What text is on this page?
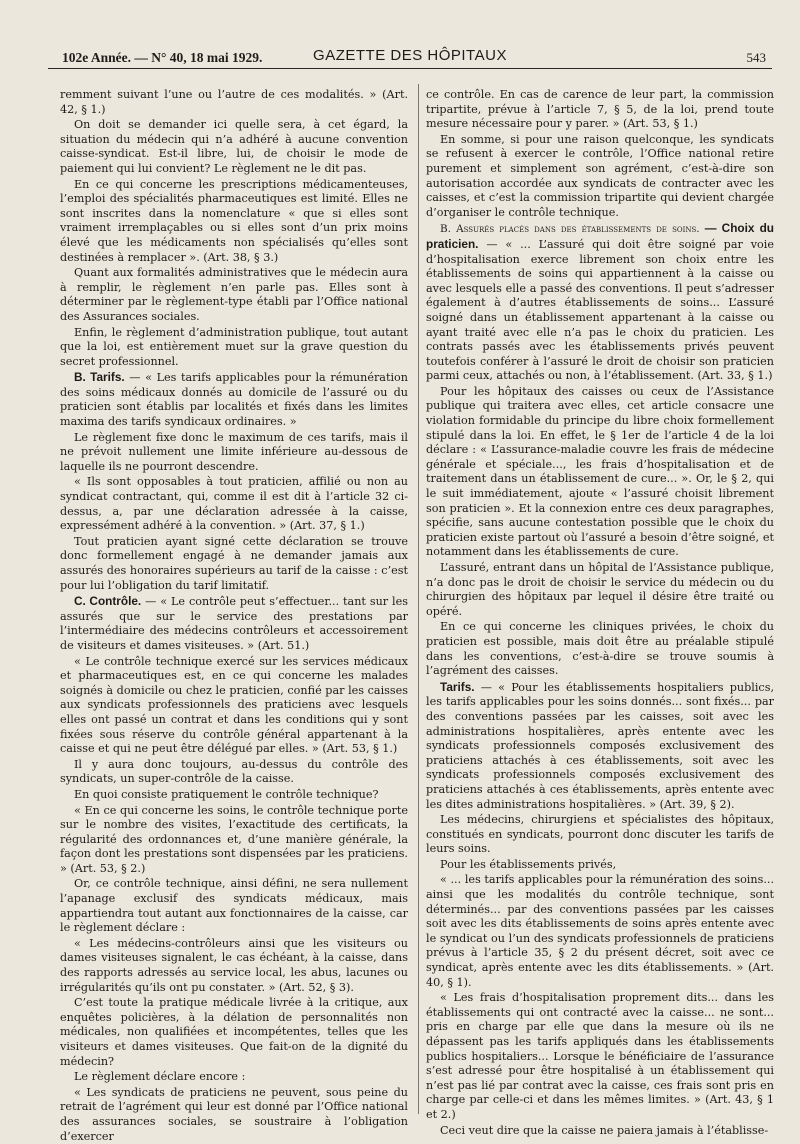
102e Année. — N° 40, 18 mai 1929.	GAZETTE DES HÔPITAUX	543

remment suivant l’une ou l’autre de ces modalités. » (Art. 42, § 1.)

On doit se demander ici quelle sera, à cet égard, la situation du médecin qui n’a adhéré à aucune convention caisse-syndicat. Est-il libre, lui, de choisir le mode de paiement qui lui convient? Le règlement ne le dit pas.

En ce qui concerne les prescriptions médicamenteuses, l’emploi des spécialités pharmaceutiques est limité. Elles ne sont inscrites dans la nomenclature « que si elles sont vraiment irremplaçables ou si elles sont d’un prix moins élevé que les médicaments non spécialisés qu’elles sont destinées à remplacer ». (Art. 38, § 3.)

Quant aux formalités administratives que le médecin aura à remplir, le règlement n’en parle pas. Elles sont à déterminer par le règlement-type établi par l’Office national des Assurances sociales.

Enfin, le règlement d’administration publique, tout autant que la loi, est entièrement muet sur la grave question du secret professionnel.

B. Tarifs. — « Les tarifs applicables pour la rémunération des soins médicaux donnés au domicile de l’assuré ou du praticien sont établis par localités et fixés dans les limites maxima des tarifs syndicaux ordinaires. »

Le règlement fixe donc le maximum de ces tarifs, mais il ne prévoit nullement une limite inférieure au-dessous de laquelle ils ne pourront descendre.

« Ils sont opposables à tout praticien, affilié ou non au syndicat contractant, qui, comme il est dit à l’article 32 ci-dessus, a, par une déclaration adressée à la caisse, expressément adhéré à la convention. » (Art. 37, § 1.)

Tout praticien ayant signé cette déclaration se trouve donc formellement engagé à ne demander jamais aux assurés des honoraires supérieurs au tarif de la caisse : c’est pour lui l’obligation du tarif limitatif.

C. Contrôle. — « Le contrôle peut s’effectuer... tant sur les assurés que sur le service des prestations par l’intermédiaire des médecins contrôleurs et accessoirement de visiteurs et dames visiteuses. » (Art. 51.)

« Le contrôle technique exercé sur les services médicaux et pharmaceutiques est, en ce qui concerne les malades soignés à domicile ou chez le praticien, confié par les caisses aux syndicats professionnels des praticiens avec lesquels elles ont passé un contrat et dans les conditions qui y sont fixées sous réserve du contrôle général appartenant à la caisse et qui ne peut être délégué par elles. » (Art. 53, § 1.)

Il y aura donc toujours, au-dessus du contrôle des syndicats, un super-contrôle de la caisse.

En quoi consiste pratiquement le contrôle technique?

« En ce qui concerne les soins, le contrôle technique porte sur le nombre des visites, l’exactitude des certificats, la régularité des ordonnances et, d’une manière générale, la façon dont les prestations sont dispensées par les praticiens. » (Art. 53, § 2.)

Or, ce contrôle technique, ainsi défini, ne sera nullement l’apanage exclusif des syndicats médicaux, mais appartiendra tout autant aux fonctionnaires de la caisse, car le règlement déclare :

« Les médecins-contrôleurs ainsi que les visiteurs ou dames visiteuses signalent, le cas échéant, à la caisse, dans des rapports adressés au service local, les abus, lacunes ou irrégularités qu’ils ont pu constater. » (Art. 52, § 3).

C’est toute la pratique médicale livrée à la critique, aux enquêtes policières, à la délation de personnalités non médicales, non qualifiées et incompétentes, telles que les visiteurs et dames visiteuses. Que fait-on de la dignité du médecin?

Le règlement déclare encore :

« Les syndicats de praticiens ne peuvent, sous peine du retrait de l’agrément qui leur est donné par l’Office national des assurances sociales, se soustraire à l’obligation d’exercer

ce contrôle. En cas de carence de leur part, la commission tripartite, prévue à l’article 7, § 5, de la loi, prend toute mesure nécessaire pour y parer. » (Art. 53, § 1.)

En somme, si pour une raison quelconque, les syndicats se refusent à exercer le contrôle, l’Office national retire purement et simplement son agrément, c’est-à-dire son autorisation accordée aux syndicats de contracter avec les caisses, et c’est la commission tripartite qui devient chargée d’organiser le contrôle technique.

B. Assurés placés dans des établissements de soins. — Choix du praticien. — « ... L’assuré qui doit être soigné par voie d’hospitalisation exerce librement son choix entre les établissements de soins qui appartiennent à la caisse ou avec lesquels elle a passé des conventions. Il peut s’adresser également à d’autres établissements de soins... L’assuré soigné dans un établissement appartenant à la caisse ou ayant traité avec elle n’a pas le choix du praticien. Les contrats passés avec les établissements privés peuvent toutefois conférer à l’assuré le droit de choisir son praticien parmi ceux, attachés ou non, à l’établissement. (Art. 33, § 1.)

Pour les hôpitaux des caisses ou ceux de l’Assistance publique qui traitera avec elles, cet article consacre une violation formidable du principe du libre choix formellement stipulé dans la loi. En effet, le § 1er de l’article 4 de la loi déclare : « L’assurance-maladie couvre les frais de médecine générale et spéciale..., les frais d’hospitalisation et de traitement dans un établissement de cure... ». Or, le § 2, qui le suit immédiatement, ajoute « l’assuré choisit librement son praticien ». Et la connexion entre ces deux paragraphes, spécifie, sans aucune contestation possible que le choix du praticien existe partout où l’assuré a besoin d’être soigné, et notamment dans les établissements de cure.

L’assuré, entrant dans un hôpital de l’Assistance publique, n’a donc pas le droit de choisir le service du médecin ou du chirurgien des hôpitaux par lequel il désire être traité ou opéré.

En ce qui concerne les cliniques privées, le choix du praticien est possible, mais doit être au préalable stipulé dans les conventions, c’est-à-dire se trouve soumis à l’agrément des caisses.

Tarifs. — « Pour les établissements hospitaliers publics, les tarifs applicables pour les soins donnés... sont fixés... par des conventions passées par les caisses, soit avec les administrations hospitalières, après entente avec les syndicats professionnels composés exclusivement des praticiens attachés à ces établissements, soit avec les syndicats professionnels composés exclusivement des praticiens attachés à ces établissements, après entente avec les dites administrations hospitalières. » (Art. 39, § 2).

Les médecins, chirurgiens et spécialistes des hôpitaux, constitués en syndicats, pourront donc discuter les tarifs de leurs soins.

Pour les établissements privés,

« ... les tarifs applicables pour la rémunération des soins... ainsi que les modalités du contrôle technique, sont déterminés... par des conventions passées par les caisses soit avec les dits établissements de soins après entente avec le syndicat ou l’un des syndicats professionnels de praticiens prévus à l’article 35, § 2 du présent décret, soit avec ce syndicat, après entente avec les dits établissements. » (Art. 40, § 1).

« Les frais d’hospitalisation proprement dits... dans les établissements qui ont contracté avec la caisse... ne sont... pris en charge par elle que dans la mesure où ils ne dépassent pas les tarifs appliqués dans les établissements publics hospitaliers... Lorsque le bénéficiaire de l’assurance s’est adressé pour être hospitalisé à un établissement qui n’est pas lié par contrat avec la caisse, ces frais sont pris en charge par celle-ci et dans les mêmes limites. » (Art. 43, § 1 et 2.)

Ceci veut dire que la caisse ne paiera jamais à l’établisse-
